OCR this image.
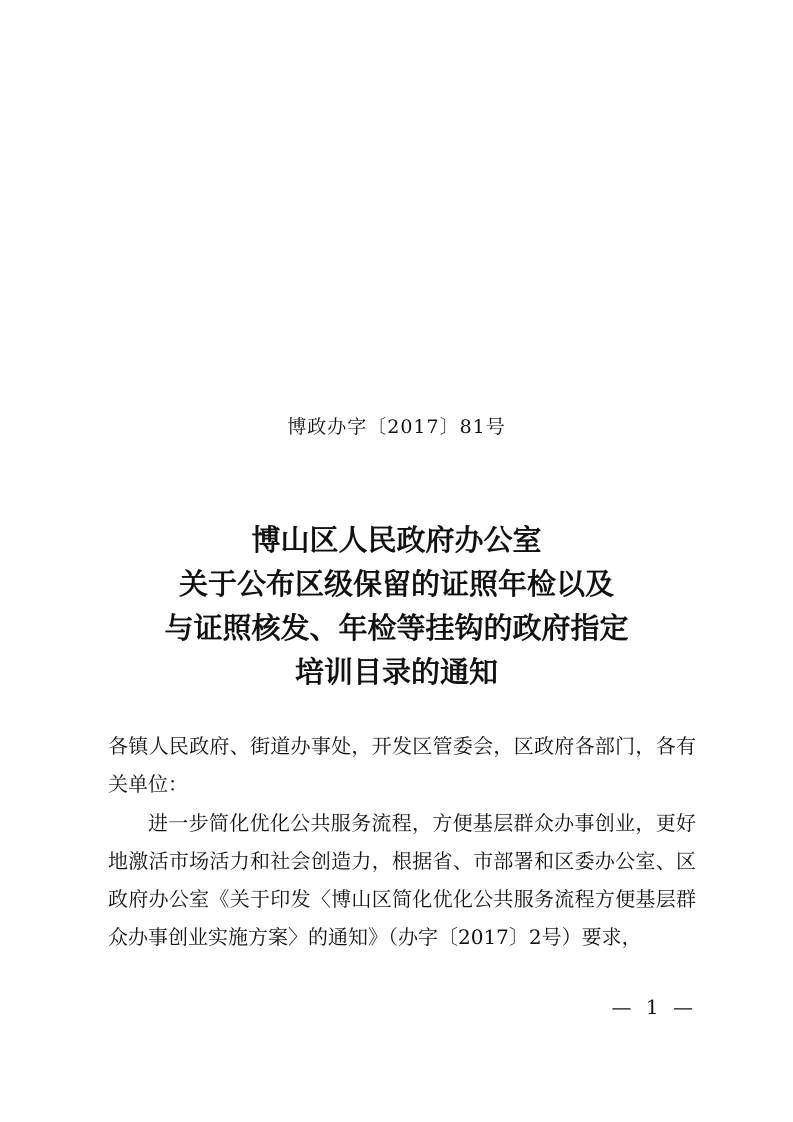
博政办字〔2017〕81号
博山区人民政府办公室
关于公布区级保留的证照年检以及
与证照核发、年检等挂钩的政府指定
培训目录的通知
各镇人民政府、街道办事处，开发区管委会，区政府各部门，各有关单位：
进一步简化优化公共服务流程，方便基层群众办事创业，更好地激活市场活力和社会创造力，根据省、市部署和区委办公室、区政府办公室《关于印发〈博山区简化优化公共服务流程方便基层群众办事创业实施方案〉的通知》（办字〔2017〕2号）要求，
— 1 —
